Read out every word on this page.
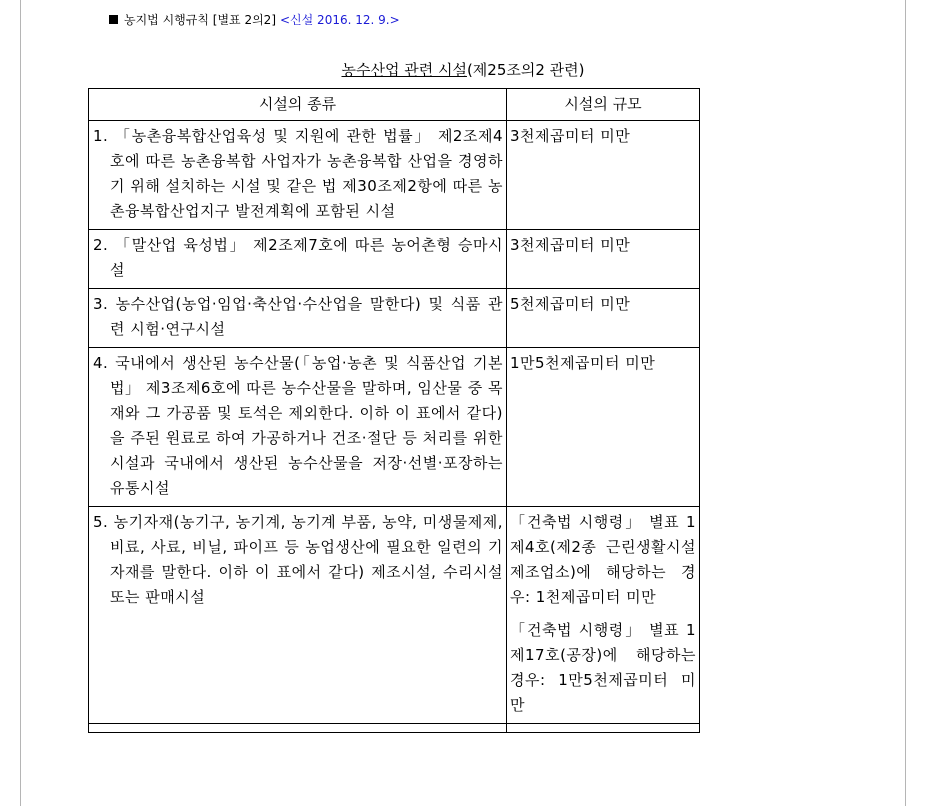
농지법 시행규칙 [별표 2의2] <신설 2016. 12. 9.>
농수산업 관련 시설(제25조의2 관련)
시설의 종류	시설의 규모

1. 「농촌융복합산업육성 및 지원에 관한 법률」 제2조제4호에 따른 농촌융복합 사업자가 농촌융복합 산업을 경영하기 위해 설치하는 시설 및 같은 법 제30조제2항에 따른 농촌융복합산업지구 발전계획에 포함된 시설	3천제곱미터 미만

2. 「말산업 육성법」 제2조제7호에 따른 농어촌형 승마시설	3천제곱미터 미만

3. 농수산업(농업·임업·축산업·수산업을 말한다) 및 식품 관련 시험·연구시설	5천제곱미터 미만

4. 국내에서 생산된 농수산물(「농업·농촌 및 식품산업 기본법」 제3조제6호에 따른 농수산물을 말하며, 임산물 중 목재와 그 가공품 및 토석은 제외한다. 이하 이 표에서 같다)을 주된 원료로 하여 가공하거나 건조·절단 등 처리를 위한 시설과 국내에서 생산된 농수산물을 저장·선별·포장하는 유통시설	1만5천제곱미터 미만

5. 농기자재(농기구, 농기계, 농기계 부품, 농약, 미생물제제, 비료, 사료, 비닐, 파이프 등 농업생산에 필요한 일련의 기자재를 말한다. 이하 이 표에서 같다) 제조시설, 수리시설 또는 판매시설	「건축법 시행령」 별표 1 제4호(제2종 근린생활시설 제조업소)에 해당하는 경우: 1천제곱미터 미만
「건축법 시행령」 별표 1 제17호(공장)에 해당하는 경우: 1만5천제곱미터 미만
